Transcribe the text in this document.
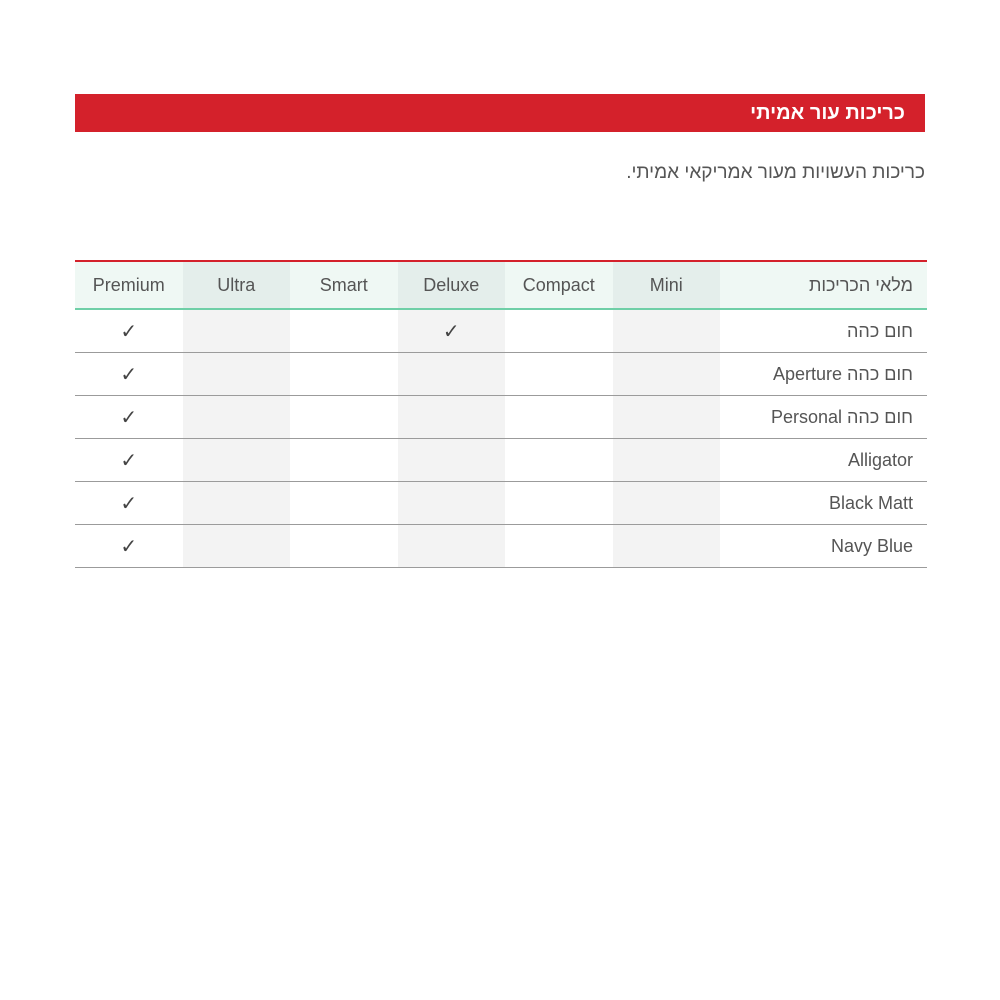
כריכות עור אמיתי
כריכות העשויות מעור אמריקאי אמיתי.
מלאי הכריכות	Mini	Compact	Deluxe	Smart	Ultra	Premium
חום כהה			✓			✓
חום כהה Aperture						✓
חום כהה Personal						✓
Alligator						✓
Black Matt						✓
Navy Blue						✓
